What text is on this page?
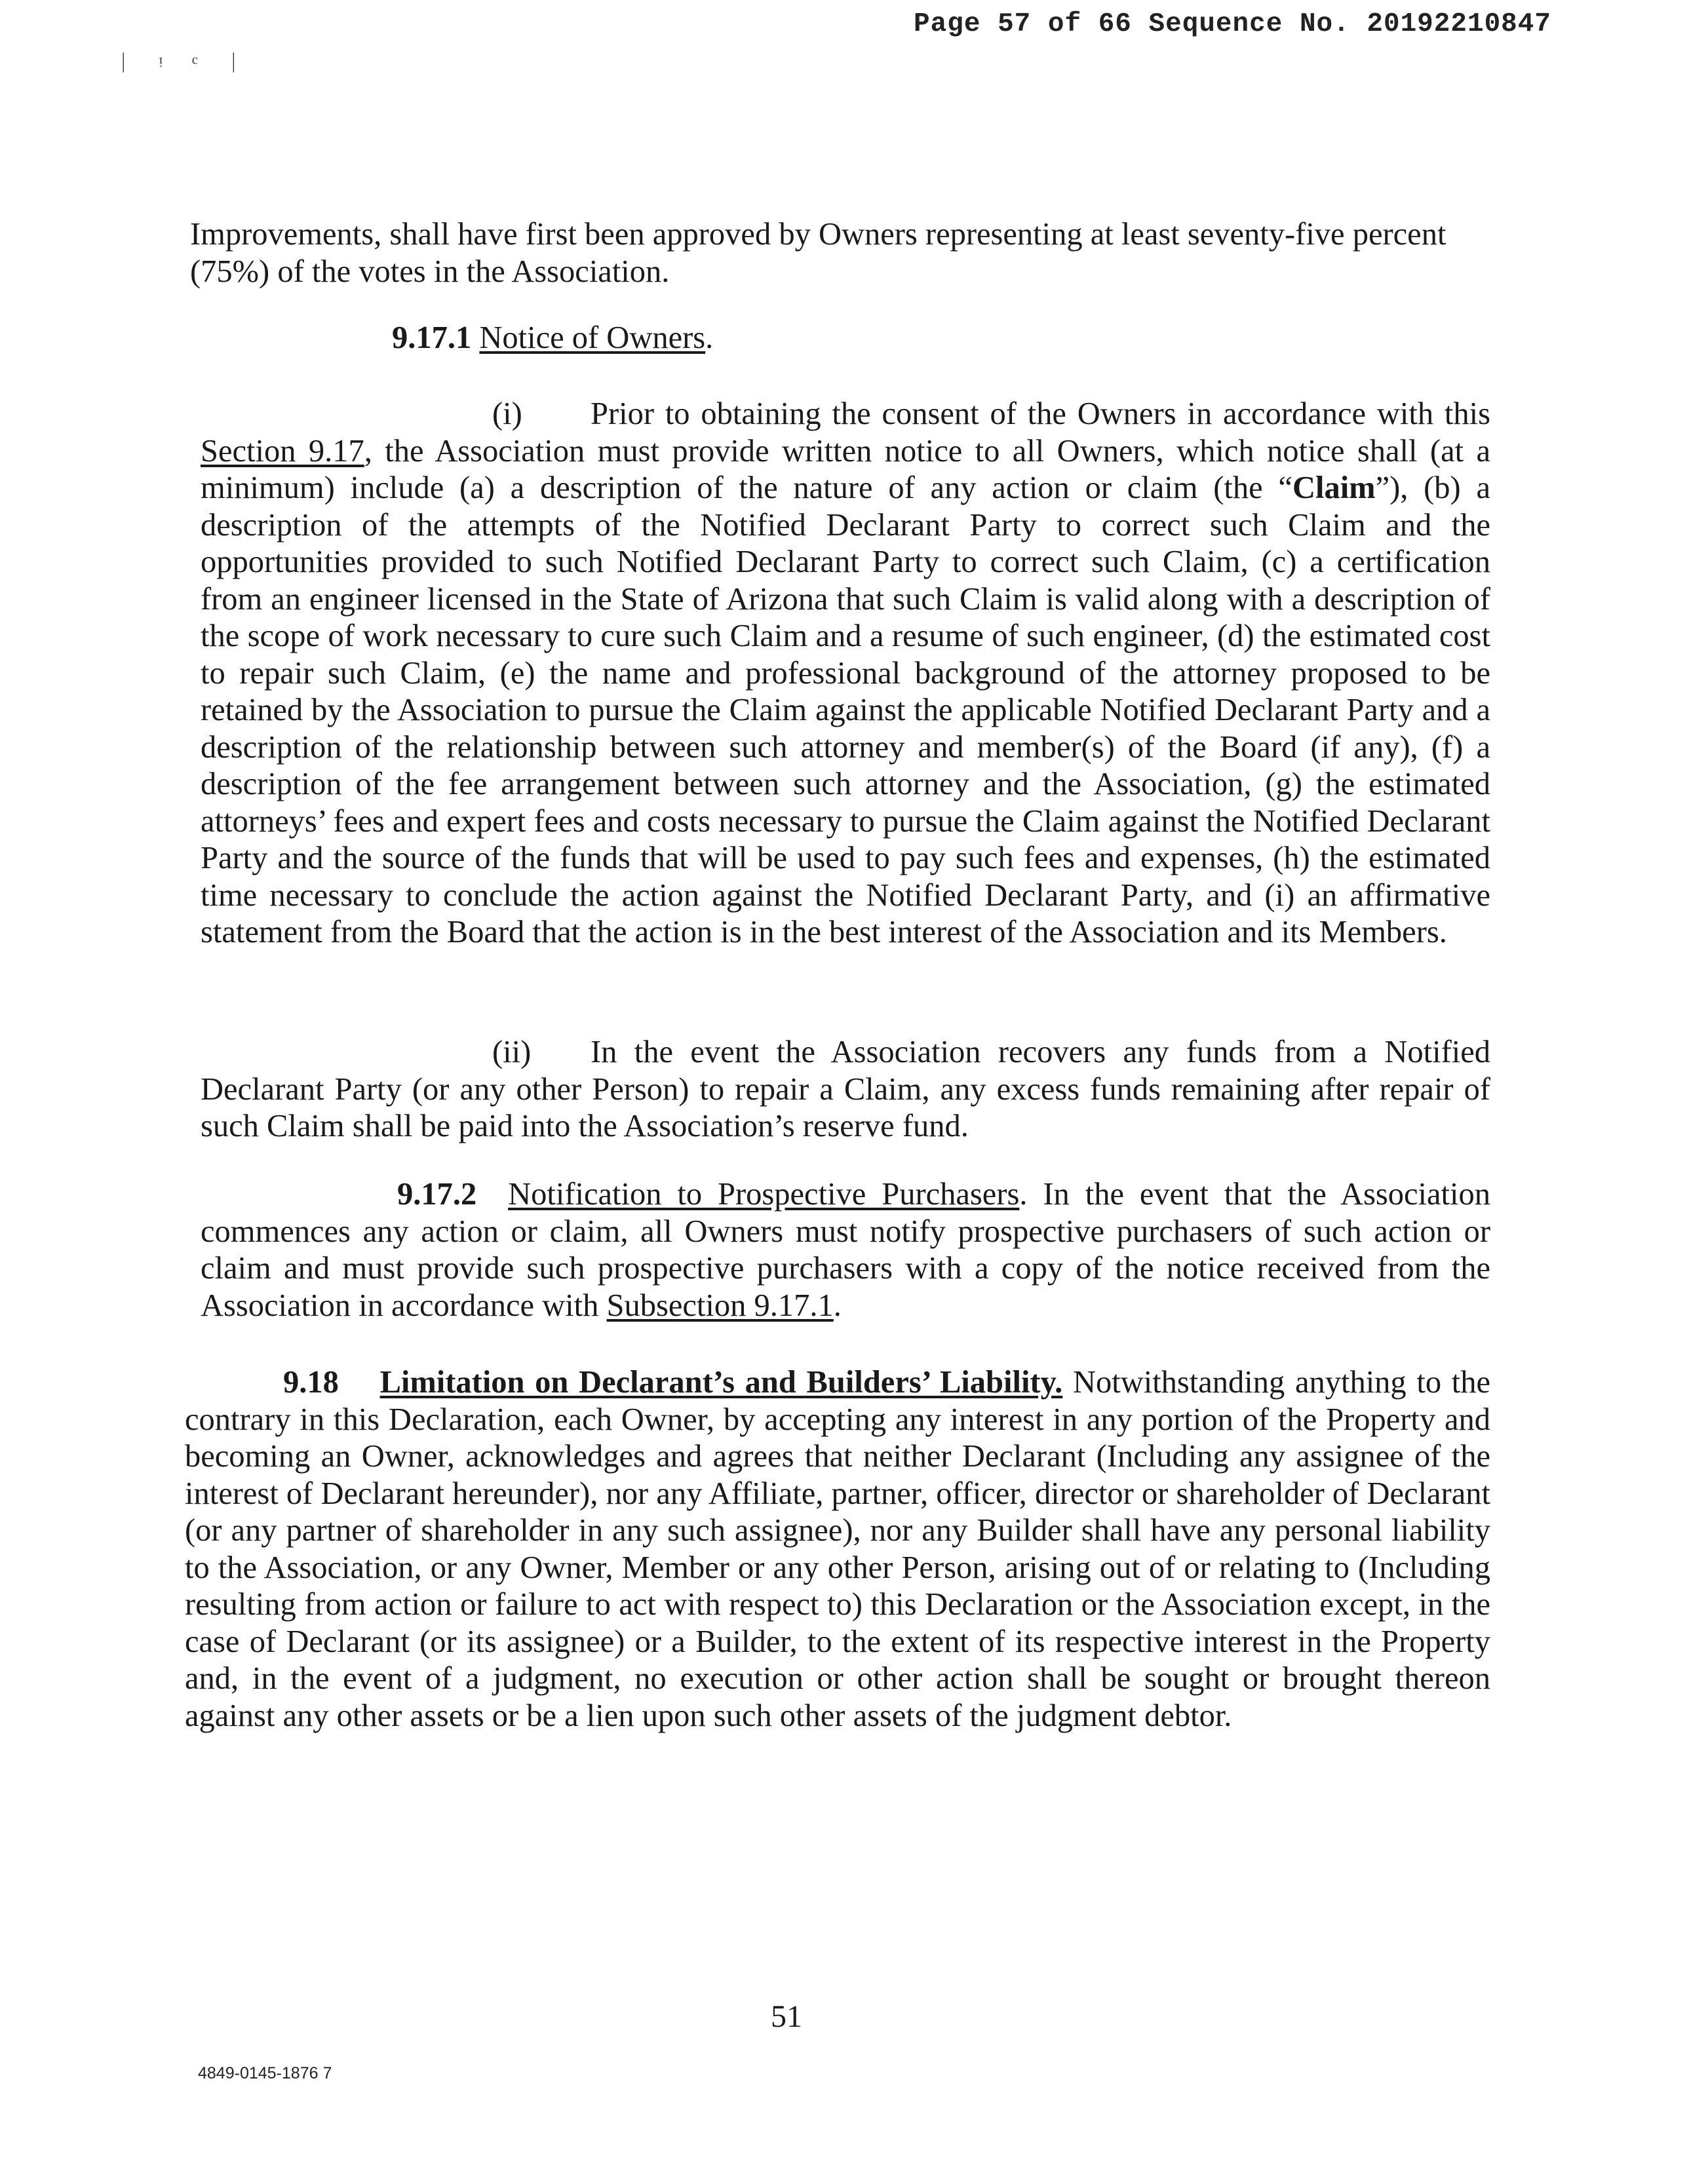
Page 57 of 66 Sequence No. 20192210847
ᛁ ᵎ ᶜ ᛁ
Improvements, shall have first been approved by Owners representing at least seventy-five percent (75%) of the votes in the Association.
9.17.1 Notice of Owners.
(i) Prior to obtaining the consent of the Owners in accordance with this Section 9.17, the Association must provide written notice to all Owners, which notice shall (at a minimum) include (a) a description of the nature of any action or claim (the “Claim”), (b) a description of the attempts of the Notified Declarant Party to correct such Claim and the opportunities provided to such Notified Declarant Party to correct such Claim, (c) a certification from an engineer licensed in the State of Arizona that such Claim is valid along with a description of the scope of work necessary to cure such Claim and a resume of such engineer, (d) the estimated cost to repair such Claim, (e) the name and professional background of the attorney proposed to be retained by the Association to pursue the Claim against the applicable Notified Declarant Party and a description of the relationship between such attorney and member(s) of the Board (if any), (f) a description of the fee arrangement between such attorney and the Association, (g) the estimated attorneys’ fees and expert fees and costs necessary to pursue the Claim against the Notified Declarant Party and the source of the funds that will be used to pay such fees and expenses, (h) the estimated time necessary to conclude the action against the Notified Declarant Party, and (i) an affirmative statement from the Board that the action is in the best interest of the Association and its Members.
(ii) In the event the Association recovers any funds from a Notified Declarant Party (or any other Person) to repair a Claim, any excess funds remaining after repair of such Claim shall be paid into the Association’s reserve fund.
9.17.2 Notification to Prospective Purchasers. In the event that the Association commences any action or claim, all Owners must notify prospective purchasers of such action or claim and must provide such prospective purchasers with a copy of the notice received from the Association in accordance with Subsection 9.17.1.
9.18 Limitation on Declarant’s and Builders’ Liability. Notwithstanding anything to the contrary in this Declaration, each Owner, by accepting any interest in any portion of the Property and becoming an Owner, acknowledges and agrees that neither Declarant (Including any assignee of the interest of Declarant hereunder), nor any Affiliate, partner, officer, director or shareholder of Declarant (or any partner of shareholder in any such assignee), nor any Builder shall have any personal liability to the Association, or any Owner, Member or any other Person, arising out of or relating to (Including resulting from action or failure to act with respect to) this Declaration or the Association except, in the case of Declarant (or its assignee) or a Builder, to the extent of its respective interest in the Property and, in the event of a judgment, no execution or other action shall be sought or brought thereon against any other assets or be a lien upon such other assets of the judgment debtor.
51
4849-0145-1876 7
